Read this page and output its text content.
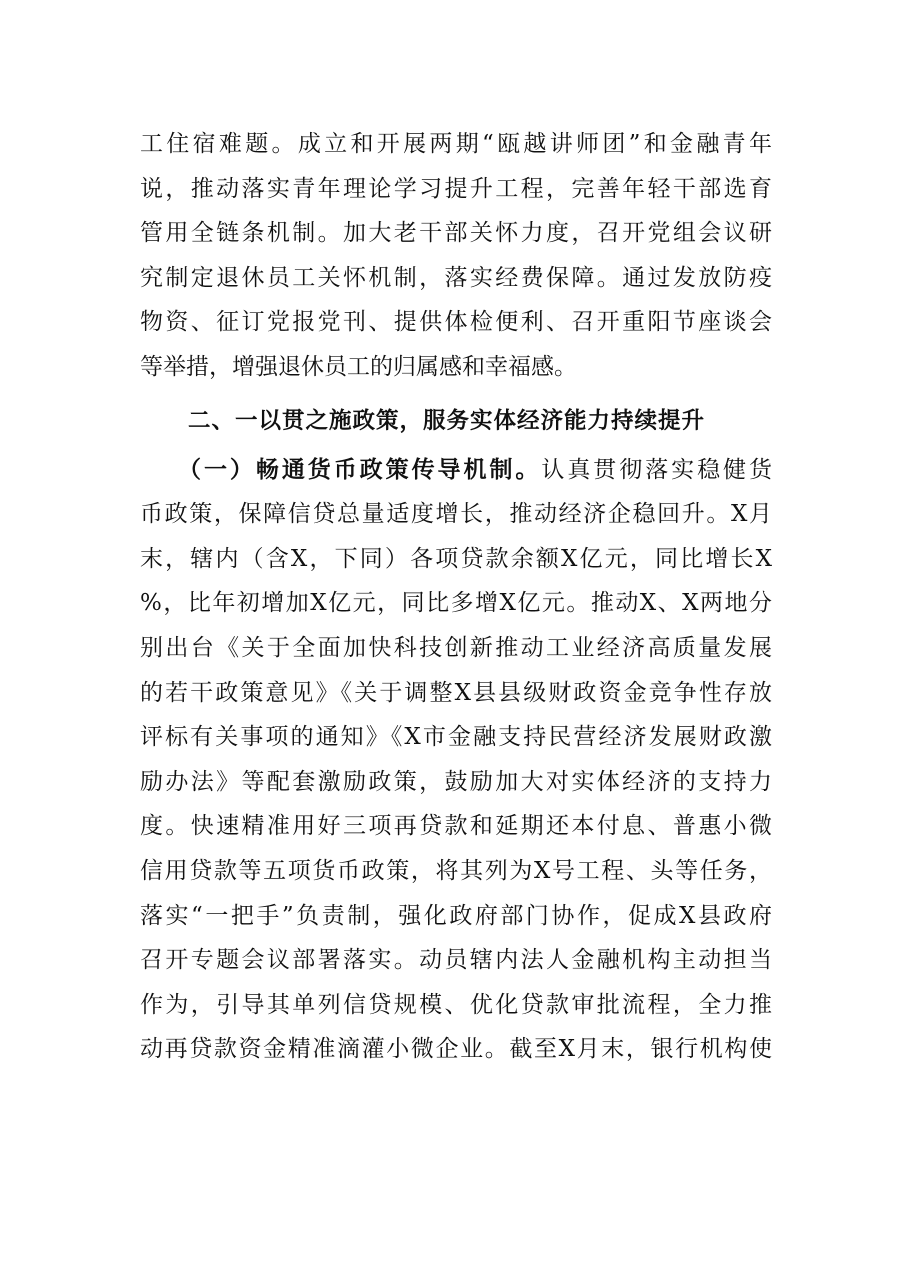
工住宿难题。成立和开展两期“瓯越讲师团”和金融青年
说，推动落实青年理论学习提升工程，完善年轻干部选育
管用全链条机制。加大老干部关怀力度，召开党组会议研
究制定退休员工关怀机制，落实经费保障。通过发放防疫
物资、征订党报党刊、提供体检便利、召开重阳节座谈会
等举措，增强退休员工的归属感和幸福感。
二、一以贯之施政策，服务实体经济能力持续提升
（一）畅通货币政策传导机制。认真贯彻落实稳健货
币政策，保障信贷总量适度增长，推动经济企稳回升。X月
末，辖内（含X，下同）各项贷款余额X亿元，同比增长X
%，比年初增加X亿元，同比多增X亿元。推动X、X两地分
别出台《关于全面加快科技创新推动工业经济高质量发展
的若干政策意见》《关于调整X县县级财政资金竞争性存放
评标有关事项的通知》《X市金融支持民营经济发展财政激
励办法》等配套激励政策，鼓励加大对实体经济的支持力
度。快速精准用好三项再贷款和延期还本付息、普惠小微
信用贷款等五项货币政策，将其列为X号工程、头等任务，
落实“一把手”负责制，强化政府部门协作，促成X县政府
召开专题会议部署落实。动员辖内法人金融机构主动担当
作为，引导其单列信贷规模、优化贷款审批流程，全力推
动再贷款资金精准滴灌小微企业。截至X月末，银行机构使
